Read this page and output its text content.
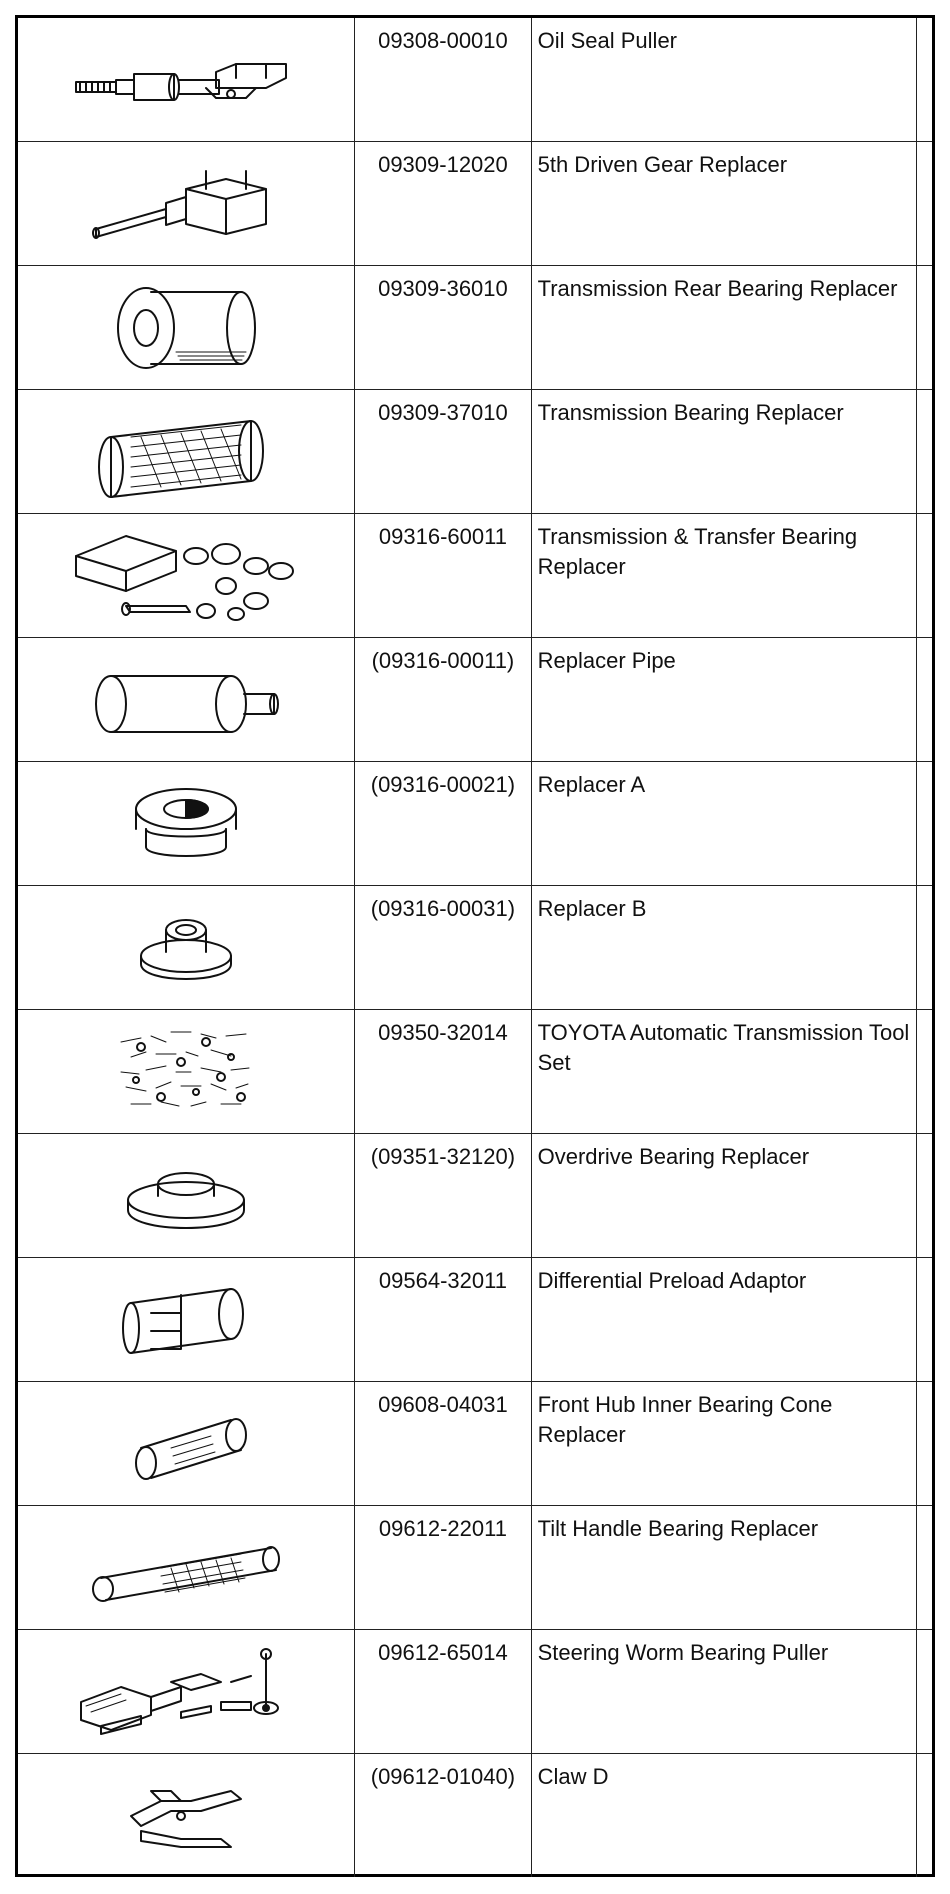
09308-00010	Oil Seal Puller	

09309-12020	5th Driven Gear Replacer	

09309-36010	Transmission Rear Bearing Replacer	

09309-37010	Transmission Bearing Replacer	

09316-60011	Transmission & Transfer Bearing Replacer	

(09316-00011)	Replacer Pipe	

(09316-00021)	Replacer A	

(09316-00031)	Replacer B	

09350-32014	TOYOTA Automatic Transmission Tool Set	

(09351-32120)	Overdrive Bearing Replacer	

09564-32011	Differential Preload Adaptor	

09608-04031	Front Hub Inner Bearing Cone Replacer	

09612-22011	Tilt Handle Bearing Replacer	

09612-65014	Steering Worm Bearing Puller	

(09612-01040)	Claw D	
